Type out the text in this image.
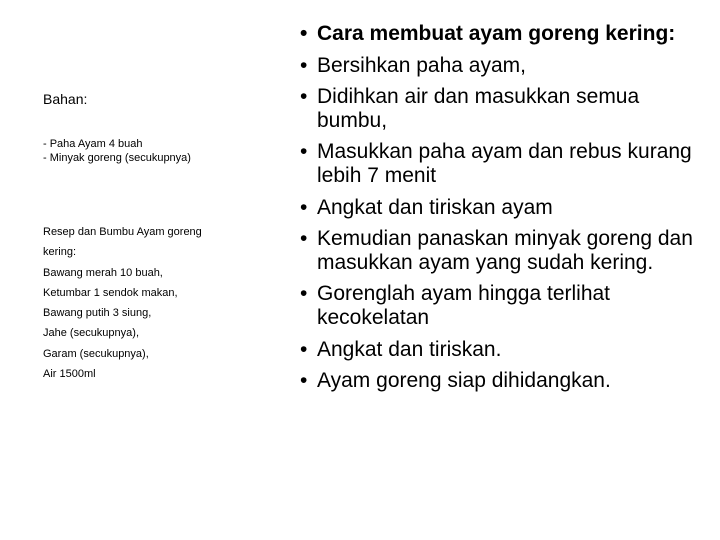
Bahan:
- Paha Ayam 4 buah
- Minyak goreng (secukupnya)
Resep dan Bumbu Ayam goreng
kering:
Bawang merah 10 buah,
Ketumbar 1 sendok makan,
Bawang putih 3 siung,
Jahe (secukupnya),
Garam (secukupnya),
Air 1500ml
• Cara membuat ayam goreng kering:
• Bersihkan paha ayam,
• Didihkan air dan masukkan semua bumbu,
• Masukkan paha ayam dan rebus kurang lebih 7 menit
• Angkat dan tiriskan ayam
• Kemudian panaskan minyak goreng dan masukkan ayam yang sudah kering.
• Gorenglah ayam hingga terlihat kecokelatan
• Angkat dan tiriskan.
• Ayam goreng siap dihidangkan.
